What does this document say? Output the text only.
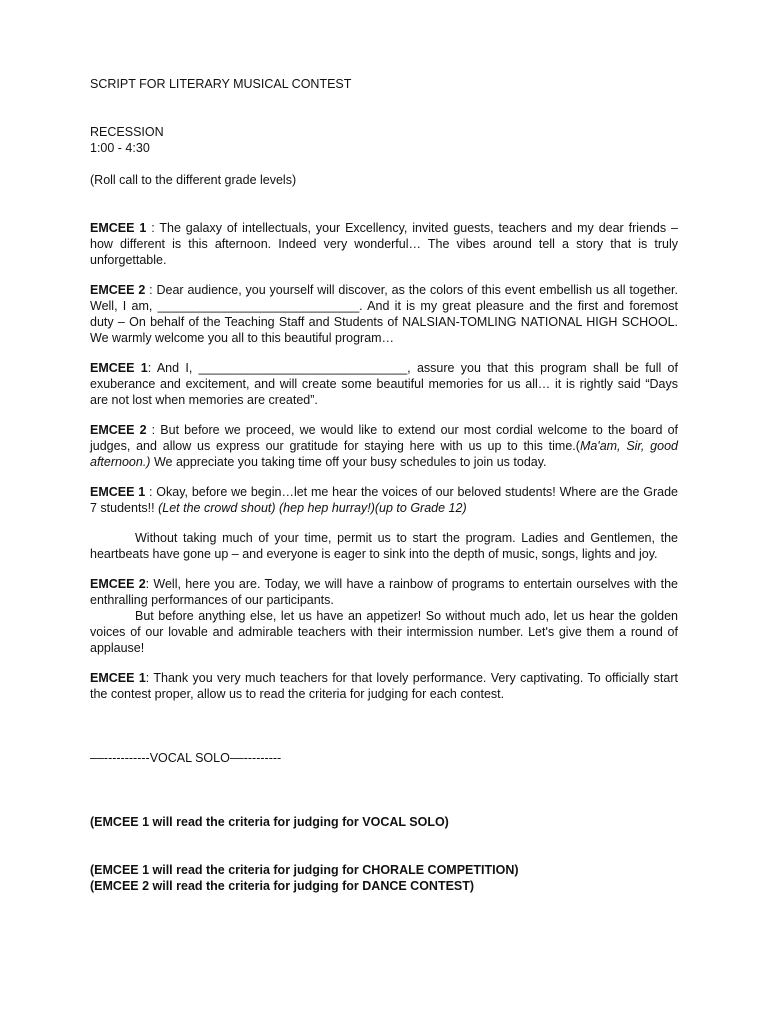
SCRIPT FOR LITERARY MUSICAL CONTEST

RECESSION

1:00 - 4:30

(Roll call to the different grade levels)

EMCEE 1 : The galaxy of intellectuals, your Excellency, invited guests, teachers and my dear friends – how different is this afternoon. Indeed very wonderful… The vibes around tell a story that is truly unforgettable.

EMCEE 2 : Dear audience, you yourself will discover, as the colors of this event embellish us all together. Well, I am, _____________________________. And it is my great pleasure and the first and foremost duty – On behalf of the Teaching Staff and Students of NALSIAN-TOMLING NATIONAL HIGH SCHOOL. We warmly welcome you all to this beautiful program…

EMCEE 1: And I, ______________________________, assure you that this program shall be full of exuberance and excitement, and will create some beautiful memories for us all… it is rightly said “Days are not lost when memories are created”.

EMCEE 2 : But before we proceed, we would like to extend our most cordial welcome to the board of judges, and allow us express our gratitude for staying here with us up to this time.(Ma'am, Sir, good afternoon.) We appreciate you taking time off your busy schedules to join us today.

EMCEE 1 : Okay, before we begin…let me hear the voices of our beloved students! Where are the Grade 7 students!! (Let the crowd shout) (hep hep hurray!)(up to Grade 12)

Without taking much of your time, permit us to start the program. Ladies and Gentlemen, the heartbeats have gone up – and everyone is eager to sink into the depth of music, songs, lights and joy.

EMCEE 2: Well, here you are. Today, we will have a rainbow of programs to entertain ourselves with the enthralling performances of our participants.

But before anything else, let us have an appetizer! So without much ado, let us hear the golden voices of our lovable and admirable teachers with their intermission number. Let's give them a round of applause!

EMCEE 1: Thank you very much teachers for that lovely performance. Very captivating. To officially start the contest proper, allow us to read the criteria for judging for each contest.

––-----------VOCAL SOLO––---------

(EMCEE 1 will read the criteria for judging for VOCAL SOLO)

(EMCEE 1 will read the criteria for judging for CHORALE COMPETITION)

(EMCEE 2 will read the criteria for judging for DANCE CONTEST)
